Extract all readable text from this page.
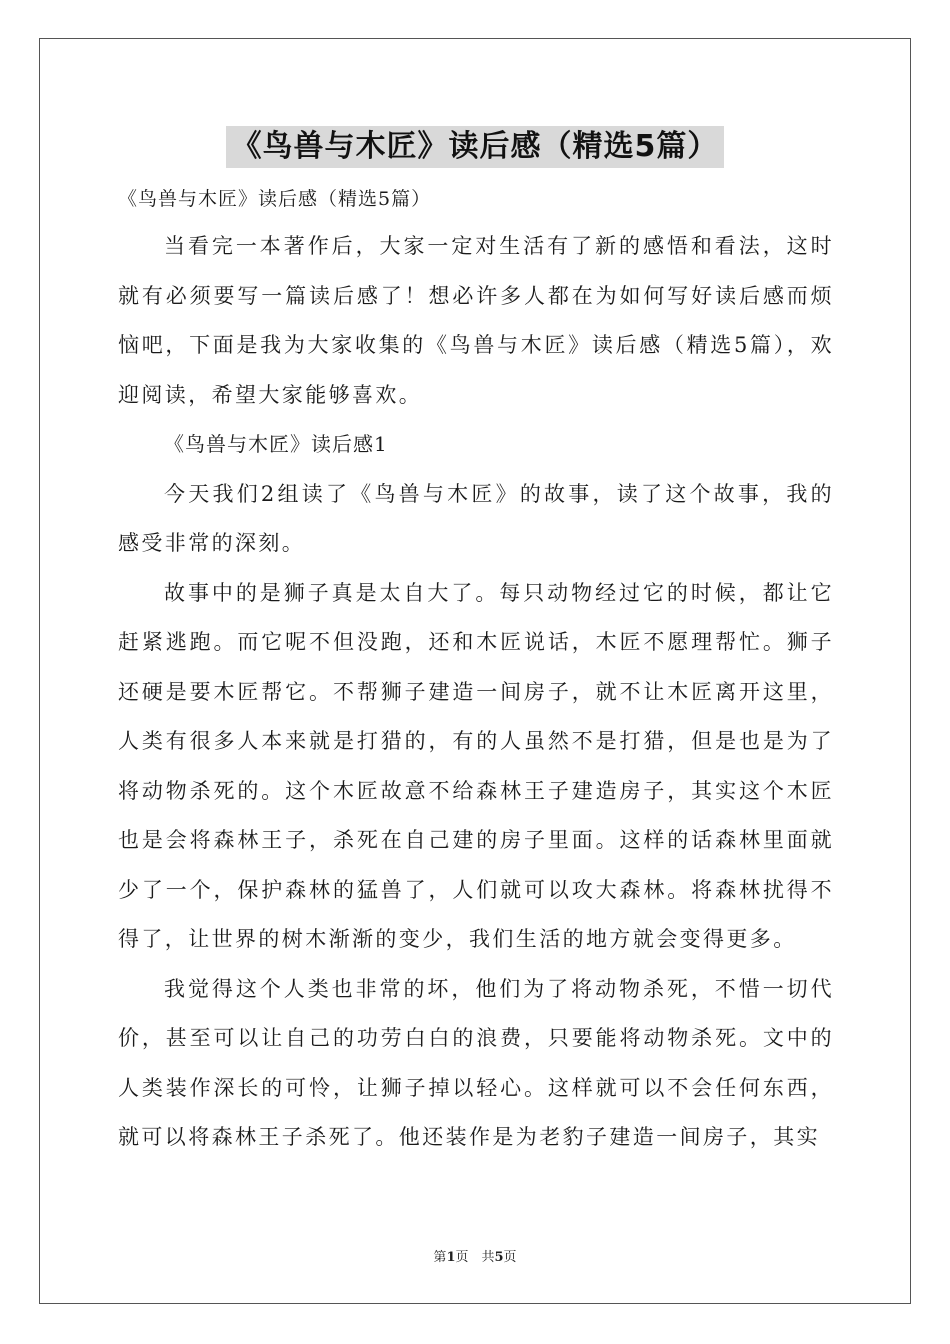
《鸟兽与木匠》读后感（精选5篇）

《鸟兽与木匠》读后感（精选5篇）

当看完一本著作后，大家一定对生活有了新的感悟和看法，这时就有必须要写一篇读后感了！想必许多人都在为如何写好读后感而烦恼吧，下面是我为大家收集的《鸟兽与木匠》读后感（精选5篇），欢迎阅读，希望大家能够喜欢。

《鸟兽与木匠》读后感1

今天我们2组读了《鸟兽与木匠》的故事，读了这个故事，我的感受非常的深刻。

故事中的是狮子真是太自大了。每只动物经过它的时候，都让它赶紧逃跑。而它呢不但没跑，还和木匠说话，木匠不愿理帮忙。狮子还硬是要木匠帮它。不帮狮子建造一间房子，就不让木匠离开这里，人类有很多人本来就是打猎的，有的人虽然不是打猎，但是也是为了将动物杀死的。这个木匠故意不给森林王子建造房子，其实这个木匠也是会将森林王子，杀死在自己建的房子里面。这样的话森林里面就少了一个，保护森林的猛兽了，人们就可以攻大森林。将森林扰得不得了，让世界的树木渐渐的变少，我们生活的地方就会变得更多。

我觉得这个人类也非常的坏，他们为了将动物杀死，不惜一切代价，甚至可以让自己的功劳白白的浪费，只要能将动物杀死。文中的人类装作深长的可怜，让狮子掉以轻心。这样就可以不会任何东西，就可以将森林王子杀死了。他还装作是为老豹子建造一间房子，其实

第1页　共5页
